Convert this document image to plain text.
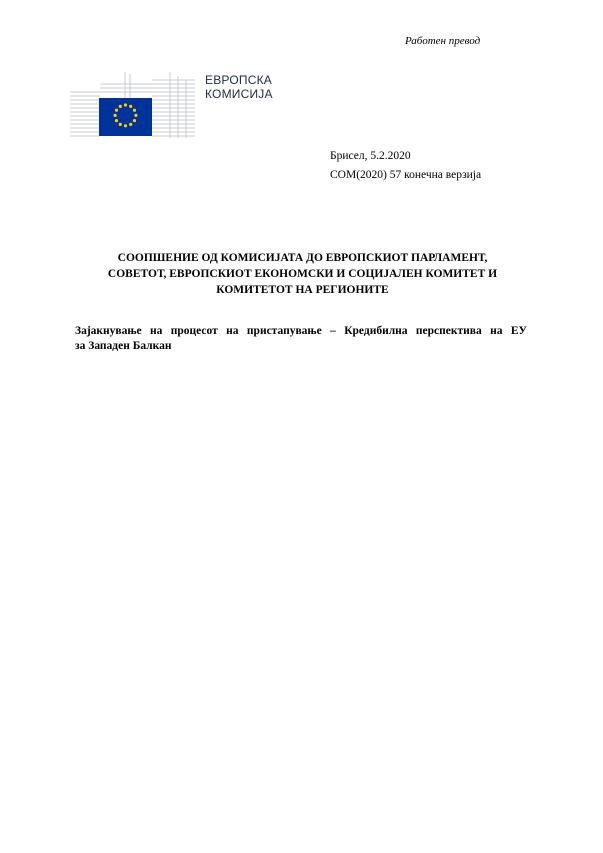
Работен превод
ЕВРОПСКА
КОМИСИЈА
Брисел, 5.2.2020
COM(2020) 57 конечна верзија
СООПШЕНИЕ ОД КОМИСИЈАТА ДО ЕВРОПСКИОТ ПАРЛАМЕНТ,
СОВЕТОТ, ЕВРОПСКИОТ ЕКОНОМСКИ И СОЦИЈАЛЕН КОМИТЕТ И
КОМИТЕТОТ НА РЕГИОНИТЕ
Зајакнување на процесот на пристапување – Кредибилна перспектива на ЕУ
за Западен Балкан
